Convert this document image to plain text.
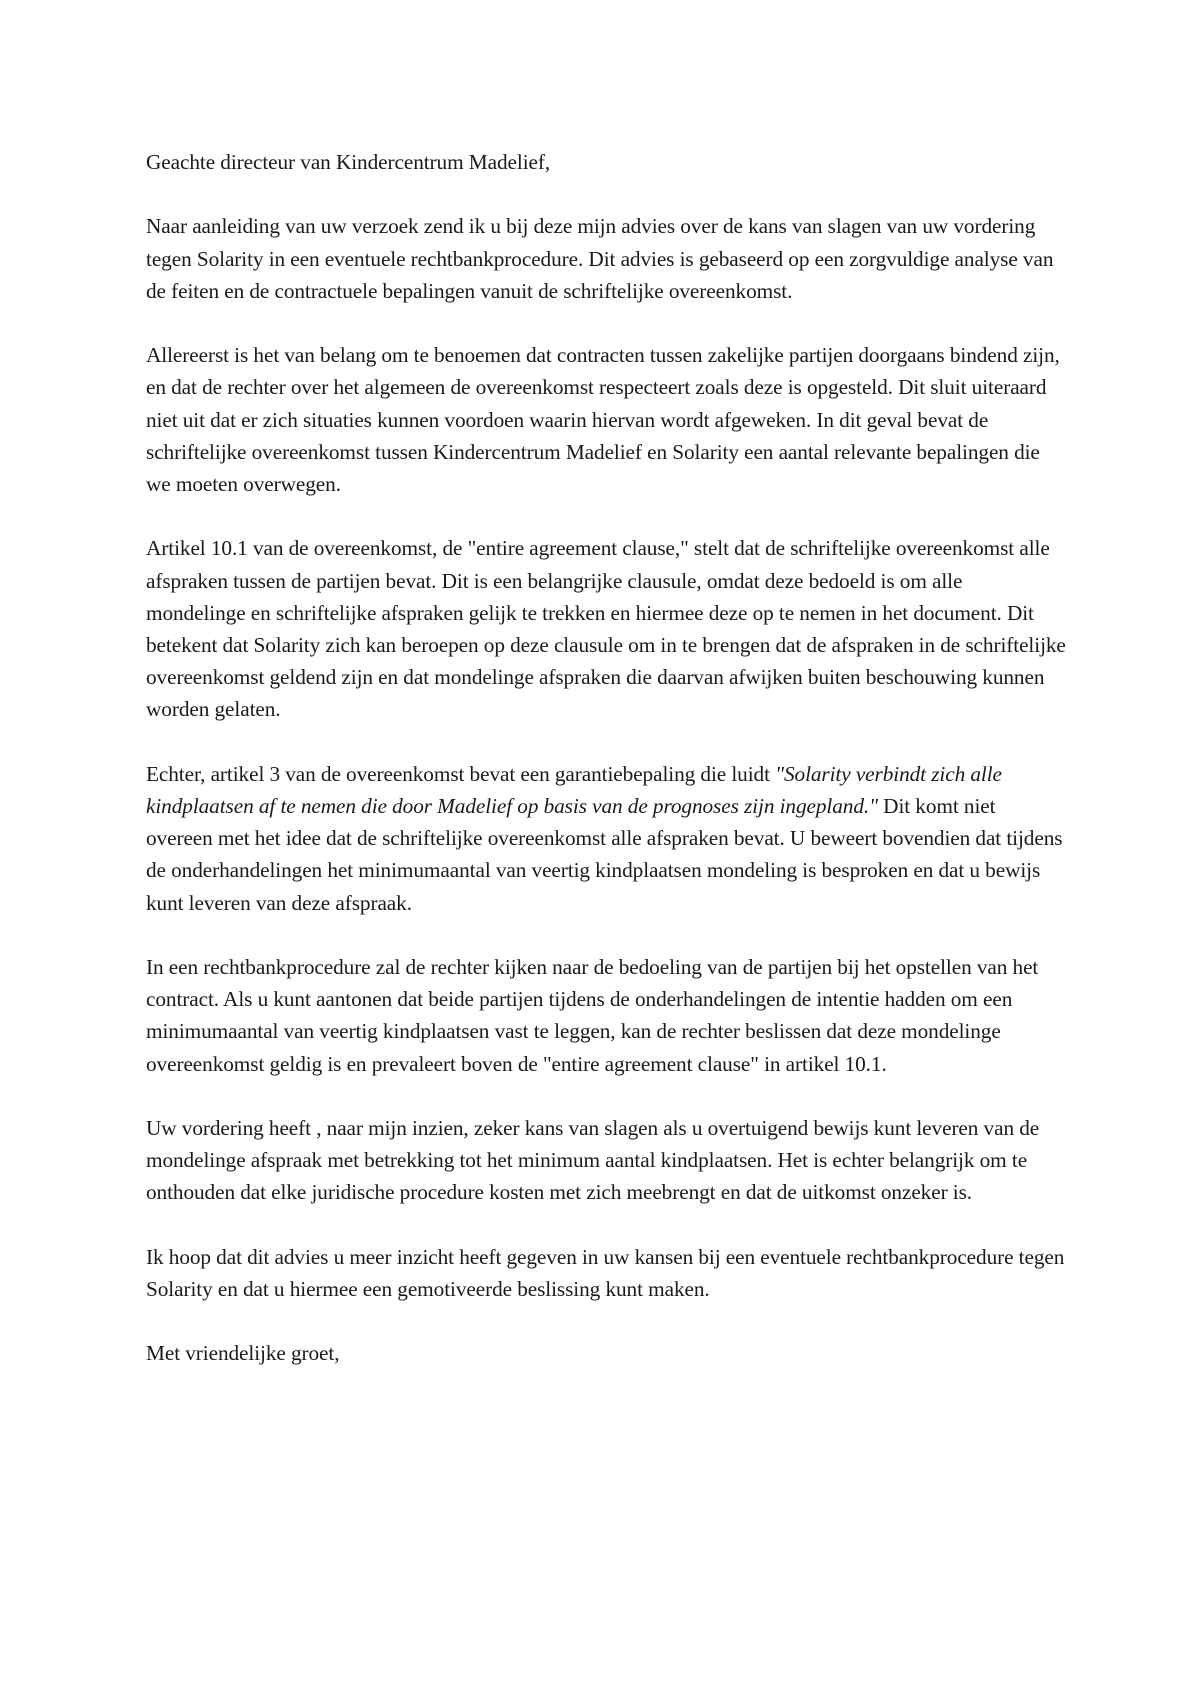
Geachte directeur van Kindercentrum Madelief,

Naar aanleiding van uw verzoek zend ik u bij deze mijn advies over de kans van slagen van uw vordering tegen Solarity in een eventuele rechtbankprocedure. Dit advies is gebaseerd op een zorgvuldige analyse van de feiten en de contractuele bepalingen vanuit de schriftelijke overeenkomst.

Allereerst is het van belang om te benoemen dat contracten tussen zakelijke partijen doorgaans bindend zijn, en dat de rechter over het algemeen de overeenkomst respecteert zoals deze is opgesteld. Dit sluit uiteraard niet uit dat er zich situaties kunnen voordoen waarin hiervan wordt afgeweken. In dit geval bevat de schriftelijke overeenkomst tussen Kindercentrum Madelief en Solarity een aantal relevante bepalingen die we moeten overwegen.

Artikel 10.1 van de overeenkomst, de "entire agreement clause," stelt dat de schriftelijke overeenkomst alle afspraken tussen de partijen bevat. Dit is een belangrijke clausule, omdat deze bedoeld is om alle mondelinge en schriftelijke afspraken gelijk te trekken en hiermee deze op te nemen in het document. Dit betekent dat Solarity zich kan beroepen op deze clausule om in te brengen dat de afspraken in de schriftelijke overeenkomst geldend zijn en dat mondelinge afspraken die daarvan afwijken buiten beschouwing kunnen worden gelaten.

Echter, artikel 3 van de overeenkomst bevat een garantiebepaling die luidt "Solarity verbindt zich alle kindplaatsen af te nemen die door Madelief op basis van de prognoses zijn ingepland." Dit komt niet overeen met het idee dat de schriftelijke overeenkomst alle afspraken bevat. U beweert bovendien dat tijdens de onderhandelingen het minimumaantal van veertig kindplaatsen mondeling is besproken en dat u bewijs kunt leveren van deze afspraak.

In een rechtbankprocedure zal de rechter kijken naar de bedoeling van de partijen bij het opstellen van het contract. Als u kunt aantonen dat beide partijen tijdens de onderhandelingen de intentie hadden om een minimumaantal van veertig kindplaatsen vast te leggen, kan de rechter beslissen dat deze mondelinge overeenkomst geldig is en prevaleert boven de "entire agreement clause" in artikel 10.1.

Uw vordering heeft , naar mijn inzien, zeker kans van slagen als u overtuigend bewijs kunt leveren van de mondelinge afspraak met betrekking tot het minimum aantal kindplaatsen. Het is echter belangrijk om te onthouden dat elke juridische procedure kosten met zich meebrengt en dat de uitkomst onzeker is.

Ik hoop dat dit advies u meer inzicht heeft gegeven in uw kansen bij een eventuele rechtbankprocedure tegen Solarity en dat u hiermee een gemotiveerde beslissing kunt maken.

Met vriendelijke groet,
